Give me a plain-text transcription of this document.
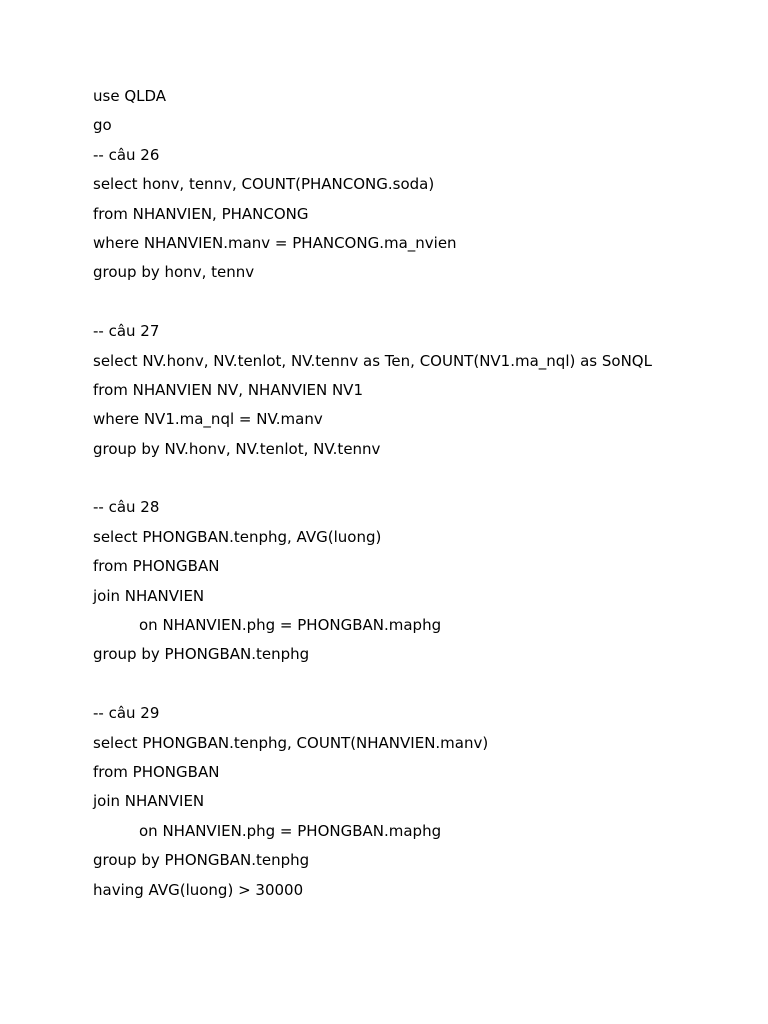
use QLDA
go
-- câu 26
select honv, tennv, COUNT(PHANCONG.soda)
from NHANVIEN, PHANCONG
where NHANVIEN.manv = PHANCONG.ma_nvien
group by honv, tennv
-- câu 27
select NV.honv, NV.tenlot, NV.tennv as Ten, COUNT(NV1.ma_nql) as SoNQL
from NHANVIEN NV, NHANVIEN NV1
where NV1.ma_nql = NV.manv
group by NV.honv, NV.tenlot, NV.tennv
-- câu 28
select PHONGBAN.tenphg, AVG(luong)
from PHONGBAN
join NHANVIEN
on NHANVIEN.phg = PHONGBAN.maphg
group by PHONGBAN.tenphg
-- câu 29
select PHONGBAN.tenphg, COUNT(NHANVIEN.manv)
from PHONGBAN
join NHANVIEN
on NHANVIEN.phg = PHONGBAN.maphg
group by PHONGBAN.tenphg
having AVG(luong) > 30000
